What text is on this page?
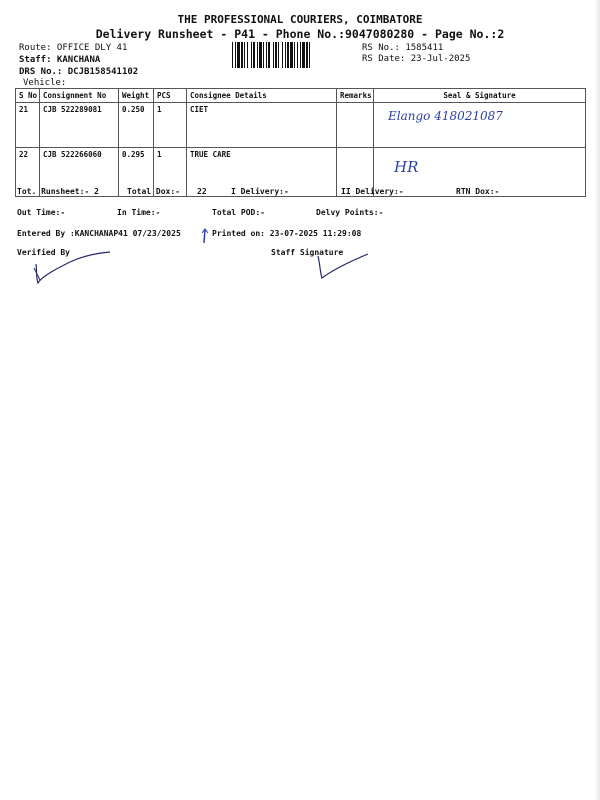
THE PROFESSIONAL COURIERS, COIMBATORE
Delivery Runsheet - P41 - Phone No.:9047080280 - Page No.:2
Route: OFFICE DLY 41
Staff: KANCHANA
DRS No.: DCJB158541102
Vehicle:
RS No.: 1585411
RS Date: 23-Jul-2025
S No	Consignment No	Weight	PCS	Consignee Details	Remarks	Seal & Signature
21	CJB 522289081	0.250	1	CIET		Elango 418021087
22	CJB 522266060	0.295	1	TRUE CARE		HR
Tot. Runsheet:- 2	Total Dox:- 22	I Delivery:-	II Delivery:-	RTN Dox:-
Out Time:-	In Time:-	Total POD:-	Delvy Points:-
Entered By :KANCHANAP41 07/23/2025	Printed on: 23-07-2025 11:29:08
Verified By	Staff Signature
